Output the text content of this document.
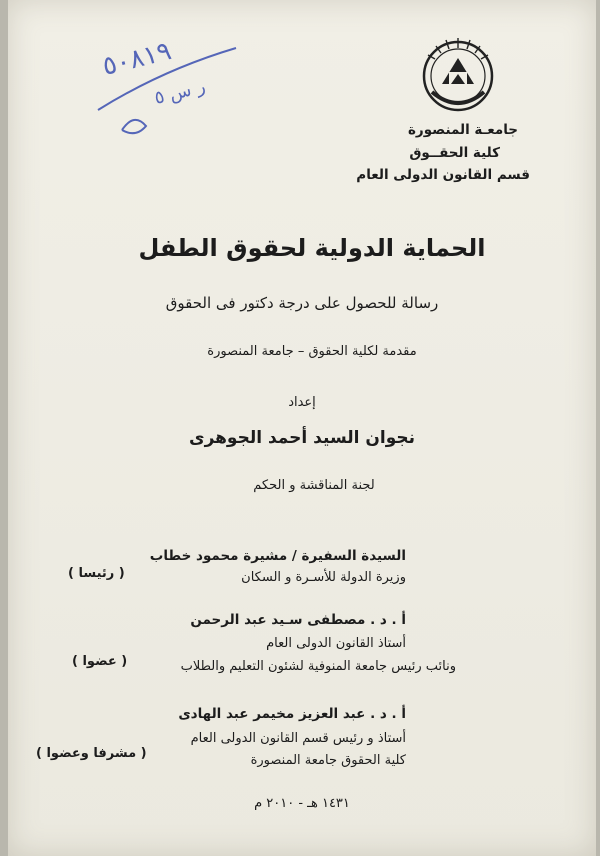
٥٠٨١٩
ر س ٥
جامعـة المنصورة
كلية الحقــوق
قسم القانون الدولى العام
الحماية الدولية لحقوق الطفل
رسالة للحصول على درجة دكتور فى الحقوق
مقدمة لكلية الحقوق – جامعة المنصورة
إعداد
نجوان السيد أحمد الجوهرى
لجنة المناقشة و الحكم
السيدة السفيرة / مشيرة محمود خطاب
وزيرة الدولة للأسـرة و السكان
( رئيسا )
أ . د . مصطفى سـيد عبد الرحمن
أستاذ القانون الدولى العام
ونائب رئيس جامعة المنوفية لشئون التعليم والطلاب
( عضوا )
أ . د . عبد العزيز مخيمر عبد الهادى
أستاذ و رئيس قسم القانون الدولى العام
كلية الحقوق جامعة المنصورة
( مشرفا وعضوا )
١٤٣١ هـ - ٢٠١٠ م
